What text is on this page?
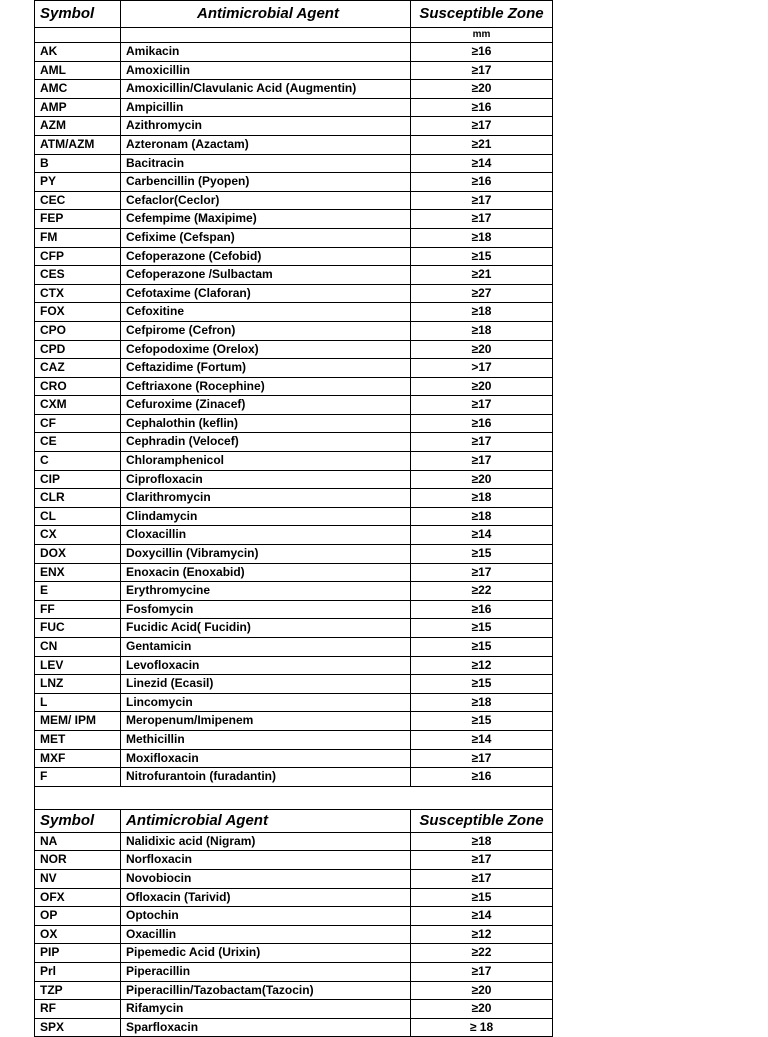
Symbol	Antimicrobial Agent	Susceptible Zone
		mm
AK	Amikacin	≥16
AML	Amoxicillin	≥17
AMC	Amoxicillin/Clavulanic Acid (Augmentin)	≥20
AMP	Ampicillin	≥16
AZM	Azithromycin	≥17
ATM/AZM	Azteronam (Azactam)	≥21
B	Bacitracin	≥14
PY	Carbencillin (Pyopen)	≥16
CEC	Cefaclor(Ceclor)	≥17
FEP	Cefempime (Maxipime)	≥17
FM	Cefixime (Cefspan)	≥18
CFP	Cefoperazone (Cefobid)	≥15
CES	Cefoperazone /Sulbactam	≥21
CTX	Cefotaxime (Claforan)	≥27
FOX	Cefoxitine	≥18
CPO	Cefpirome (Cefron)	≥18
CPD	Cefopodoxime (Orelox)	≥20
CAZ	Ceftazidime (Fortum)	>17
CRO	Ceftriaxone (Rocephine)	≥20
CXM	Cefuroxime (Zinacef)	≥17
CF	Cephalothin (keflin)	≥16
CE	Cephradin (Velocef)	≥17
C	Chloramphenicol	≥17
CIP	Ciprofloxacin	≥20
CLR	Clarithromycin	≥18
CL	Clindamycin	≥18
CX	Cloxacillin	≥14
DOX	Doxycillin (Vibramycin)	≥15
ENX	Enoxacin (Enoxabid)	≥17
E	Erythromycine	≥22
FF	Fosfomycin	≥16
FUC	Fucidic Acid( Fucidin)	≥15
CN	Gentamicin	≥15
LEV	Levofloxacin	≥12
LNZ	Linezid (Ecasil)	≥15
L	Lincomycin	≥18
MEM/ IPM	Meropenum/Imipenem	≥15
MET	Methicillin	≥14
MXF	Moxifloxacin	≥17
F	Nitrofurantoin (furadantin)	≥16

Symbol	Antimicrobial Agent	Susceptible Zone
NA	Nalidixic acid (Nigram)	≥18
NOR	Norfloxacin	≥17
NV	Novobiocin	≥17
OFX	Ofloxacin (Tarivid)	≥15
OP	Optochin	≥14
OX	Oxacillin	≥12
PIP	Pipemedic Acid (Urixin)	≥22
Prl	Piperacillin	≥17
TZP	Piperacillin/Tazobactam(Tazocin)	≥20
RF	Rifamycin	≥20
SPX	Sparfloxacin	≥ 18
